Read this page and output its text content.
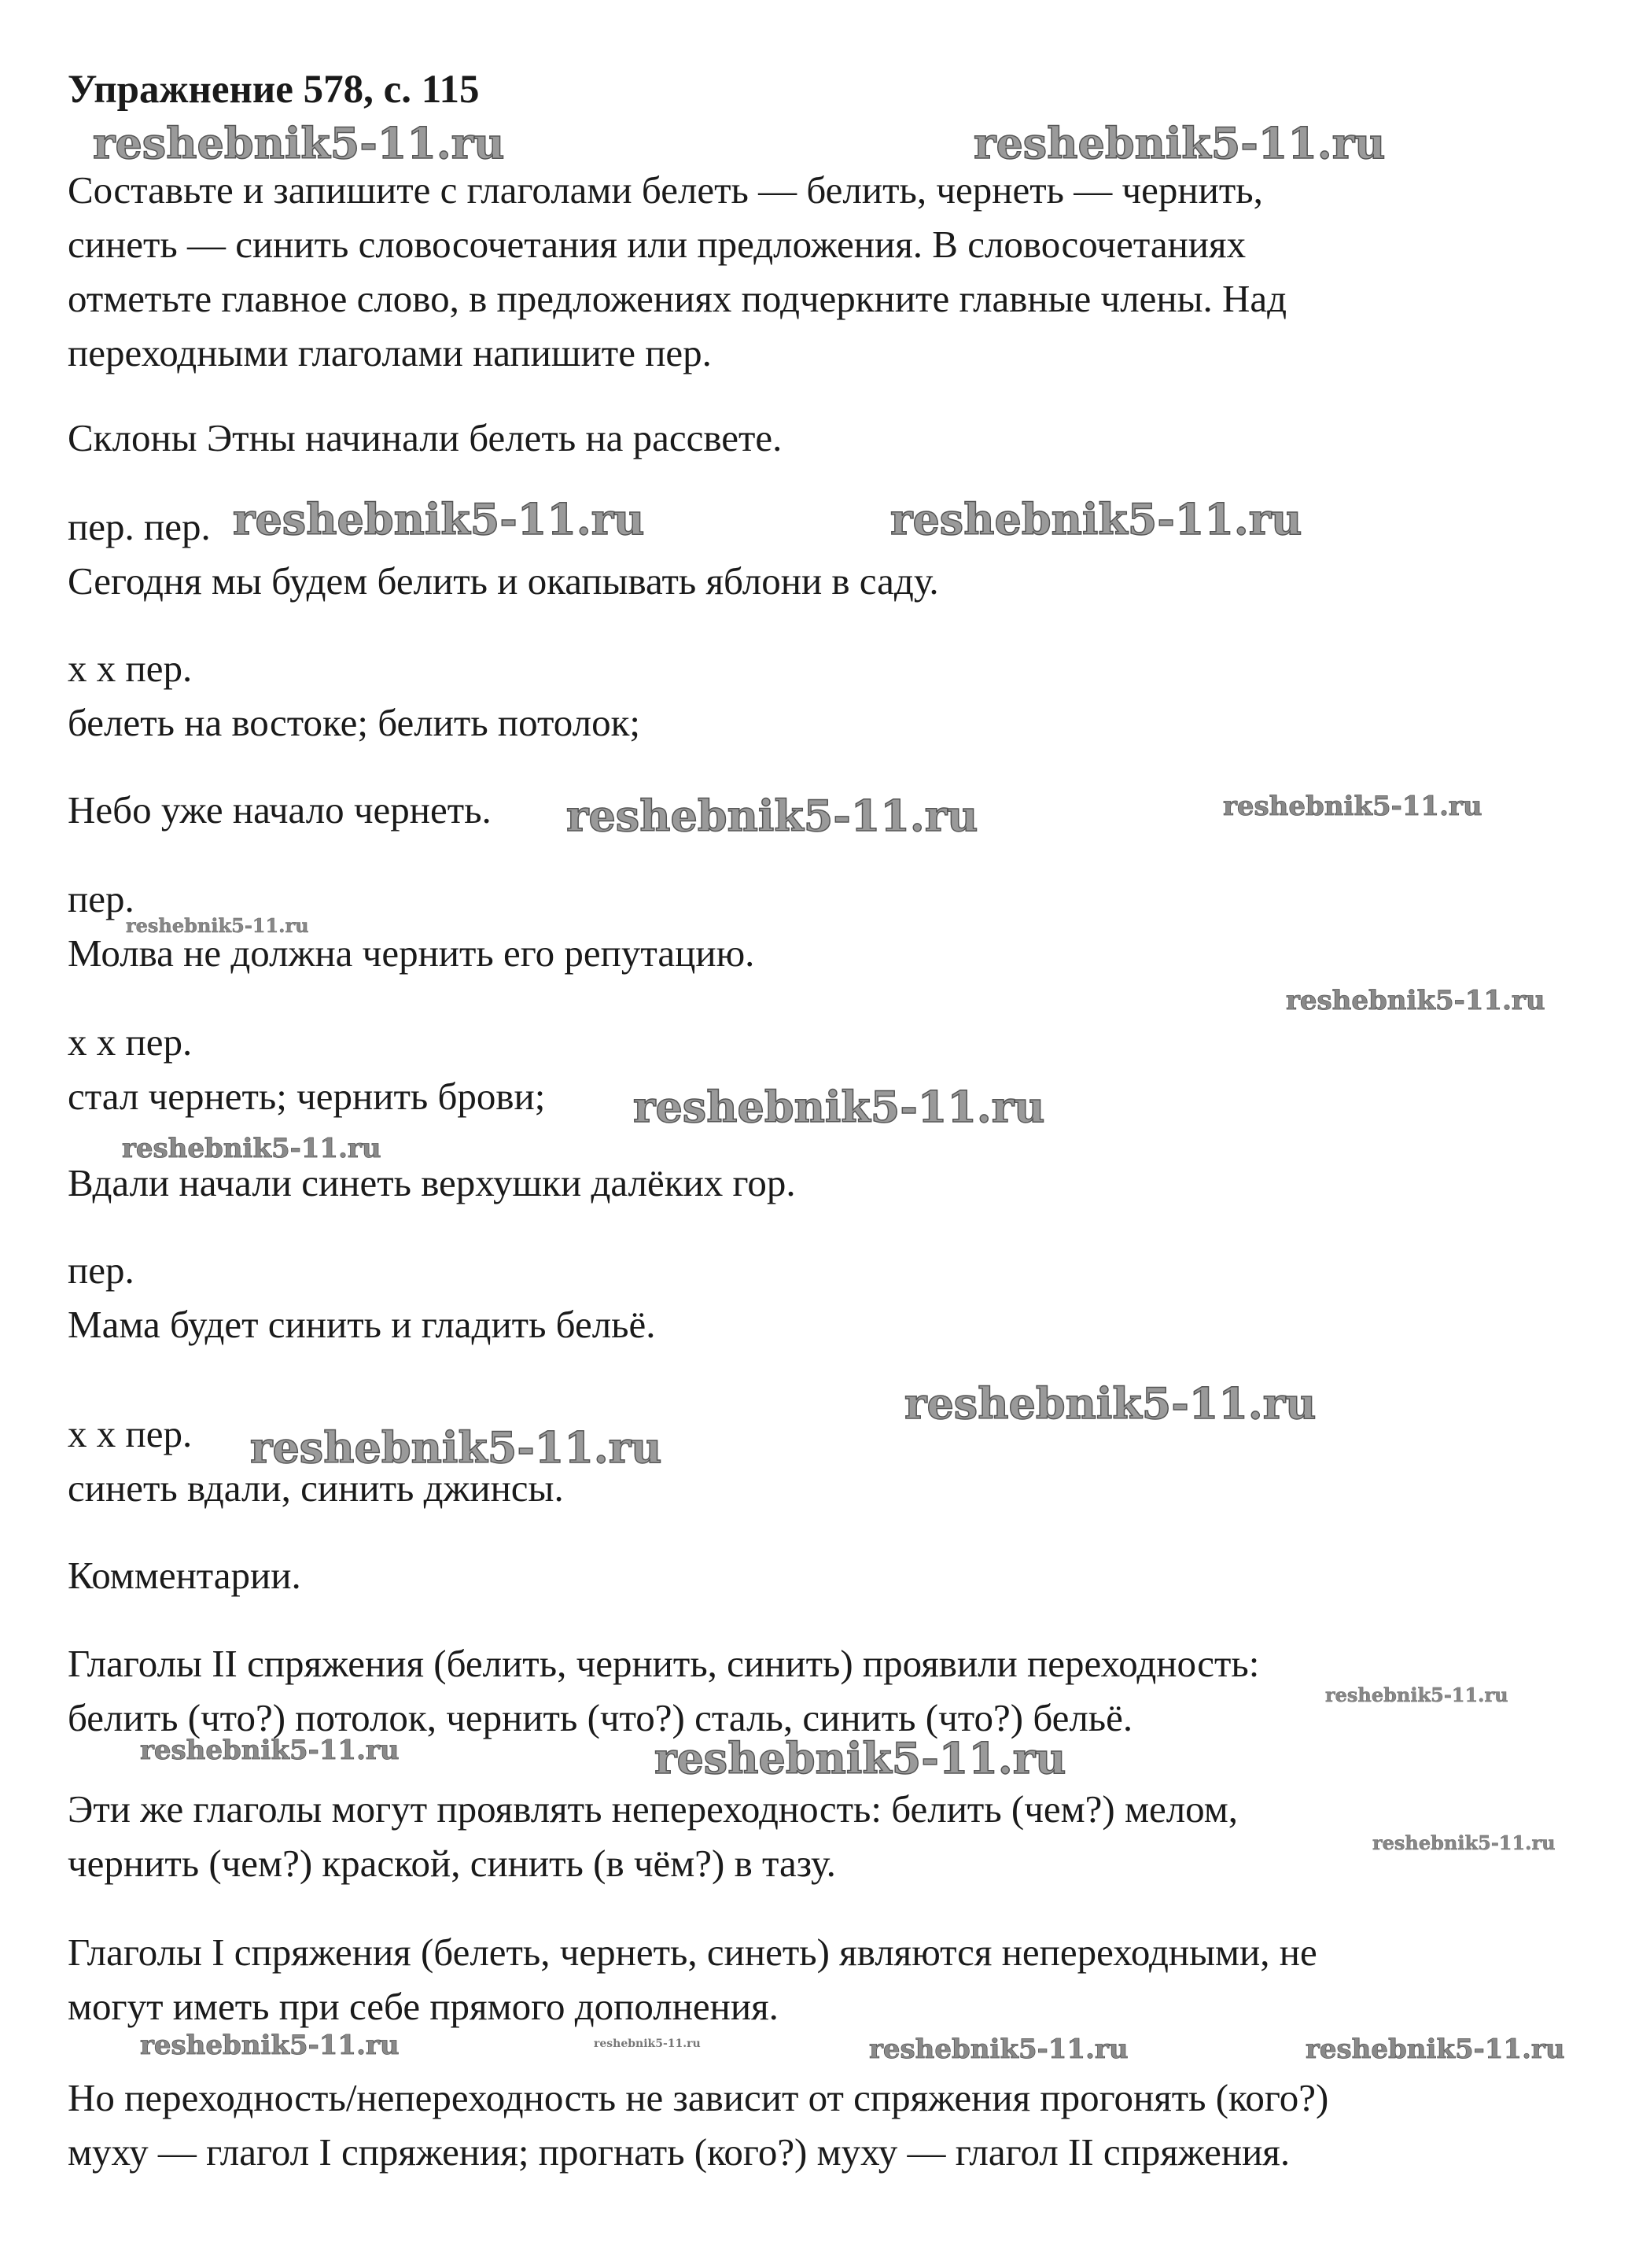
Упражнение 578, с. 115
Составьте и запишите с глаголами белеть — белить, чернеть — чернить,
синеть — синить словосочетания или предложения. В словосочетаниях
отметьте главное слово, в предложениях подчеркните главные члены. Над
переходными глаголами напишите пер.
Склоны Этны начинали белеть на рассвете.
пер. пер.
Сегодня мы будем белить и окапывать яблони в саду.
х х пер.
белеть на востоке; белить потолок;
Небо уже начало чернеть.
пер.
Молва не должна чернить его репутацию.
х х пер.
стал чернеть; чернить брови;
Вдали начали синеть верхушки далёких гор.
пер.
Мама будет синить и гладить бельё.
х х пер.
синеть вдали, синить джинсы.
Комментарии.
Глаголы II спряжения (белить, чернить, синить) проявили переходность:
белить (что?) потолок, чернить (что?) сталь, синить (что?) бельё.
Эти же глаголы могут проявлять непереходность: белить (чем?) мелом,
чернить (чем?) краской, синить (в чём?) в тазу.
Глаголы I спряжения (белеть, чернеть, синеть) являются непереходными, не
могут иметь при себе прямого дополнения.
Но переходность/непереходность не зависит от спряжения прогонять (кого?)
муху — глагол I спряжения; прогнать (кого?) муху — глагол II спряжения.
reshebnik5-11.ru	reshebnik5-11.ru
reshebnik5-11.ru	reshebnik5-11.ru
reshebnik5-11.ru	reshebnik5-11.ru
reshebnik5-11.ru
reshebnik5-11.ru
reshebnik5-11.ru
reshebnik5-11.ru
reshebnik5-11.ru
reshebnik5-11.ru
reshebnik5-11.ru
reshebnik5-11.ru	reshebnik5-11.ru
reshebnik5-11.ru
reshebnik5-11.ru	reshebnik5-11.ru	reshebnik5-11.ru	reshebnik5-11.ru
